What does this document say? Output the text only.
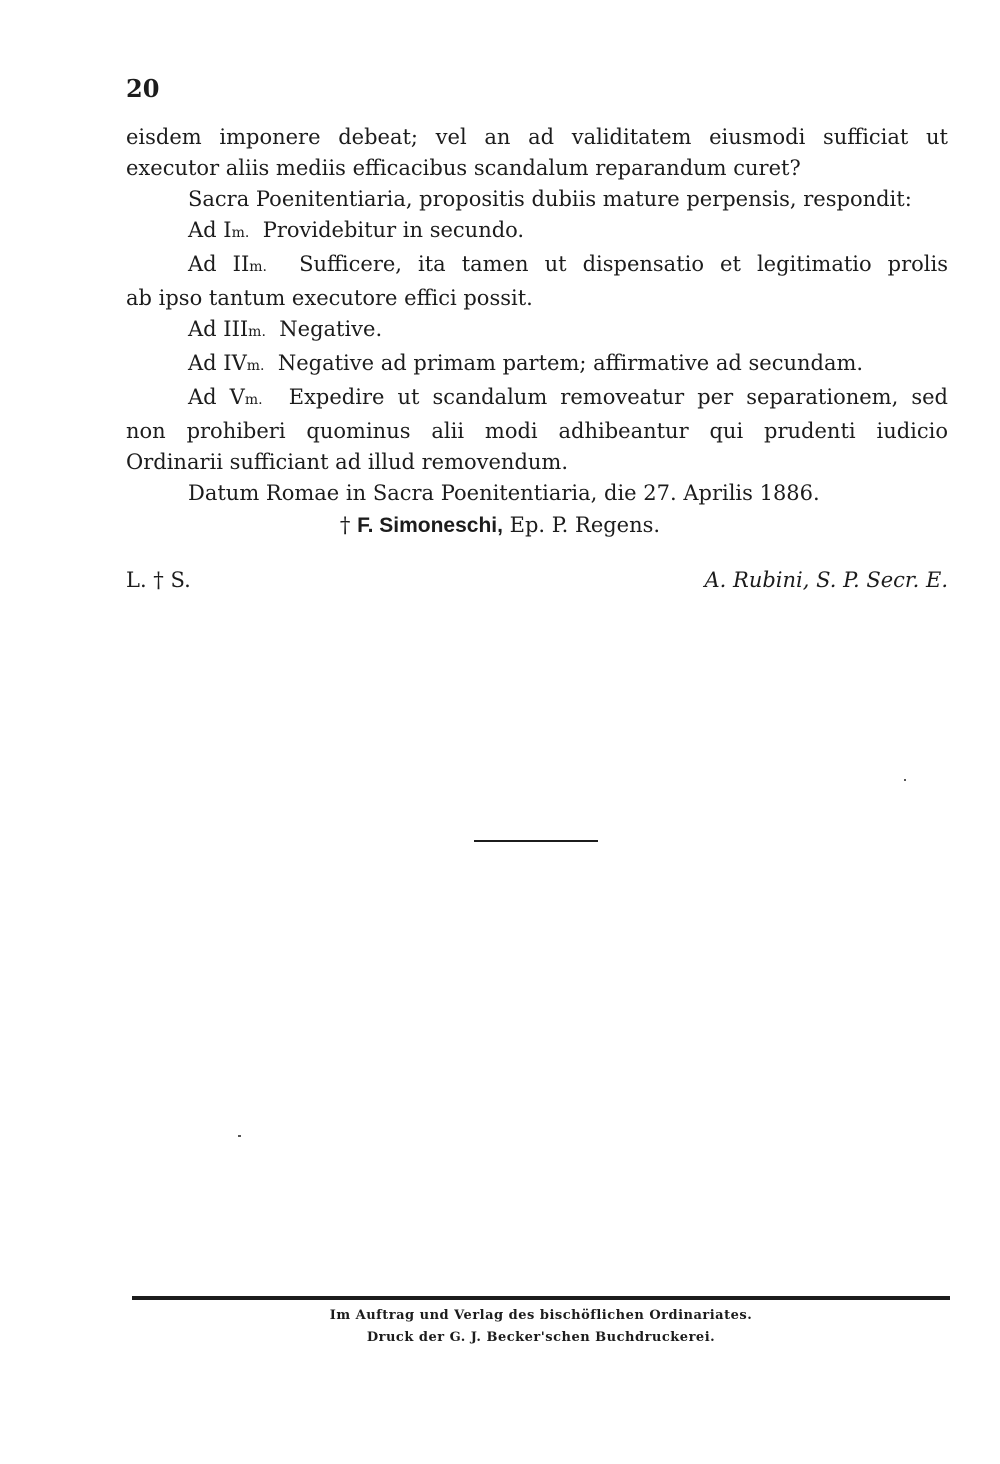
20
eisdem imponere debeat; vel an ad validitatem eiusmodi sufficiat ut
executor aliis mediis efficacibus scandalum reparandum curet?
Sacra Poenitentiaria, propositis dubiis mature perpensis, respondit:
Ad Im. Providebitur in secundo.
Ad IIm. Sufficere, ita tamen ut dispensatio et legitimatio prolis
ab ipso tantum executore effici possit.
Ad IIIm. Negative.
Ad IVm. Negative ad primam partem; affirmative ad secundam.
Ad Vm. Expedire ut scandalum removeatur per separationem, sed
non prohiberi quominus alii modi adhibeantur qui prudenti iudicio
Ordinarii sufficiant ad illud removendum.
Datum Romae in Sacra Poenitentiaria, die 27. Aprilis 1886.
† F. Simoneschi, Ep. P. Regens.
L. † S.	A. Rubini, S. P. Secr. E.
Im Auftrag und Verlag des bischöflichen Ordinariates.
Druck der G. J. Becker'schen Buchdruckerei.
